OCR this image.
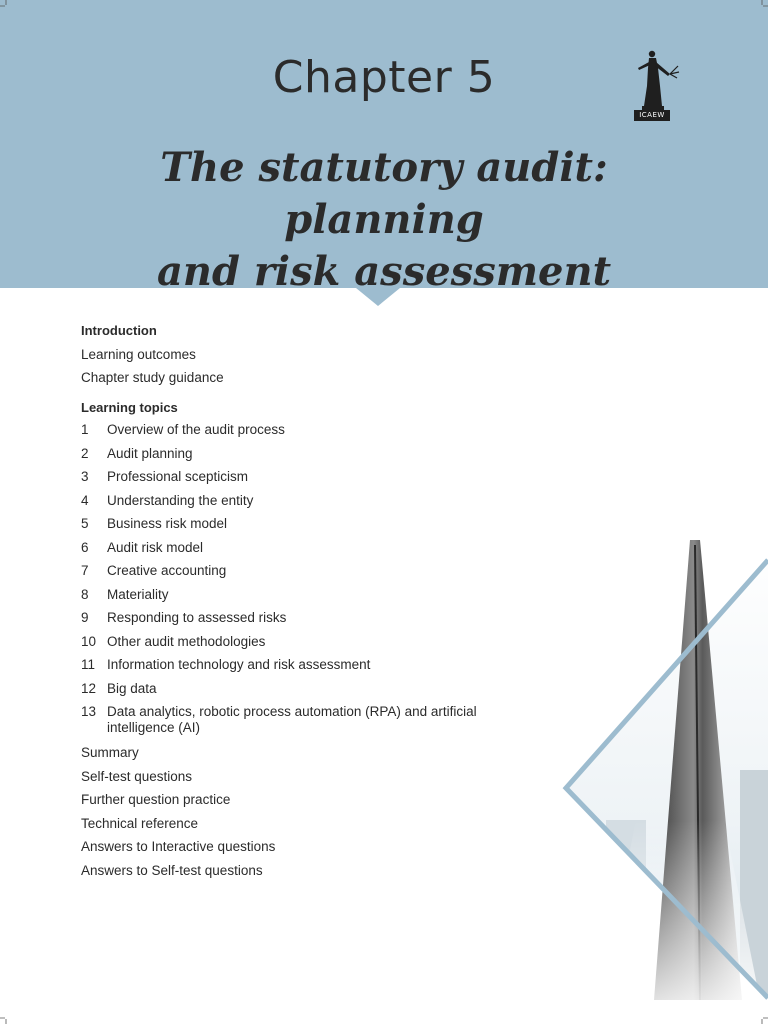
Chapter 5
The statutory audit: planning
and risk assessment
ICAEW
Introduction
Learning outcomes
Chapter study guidance
Learning topics
1	Overview of the audit process
2	Audit planning
3	Professional scepticism
4	Understanding the entity
5	Business risk model
6	Audit risk model
7	Creative accounting
8	Materiality
9	Responding to assessed risks
10 Other audit methodologies
11 Information technology and risk assessment
12 Big data
13 Data analytics, robotic process automation (RPA) and artificial intelligence (AI)
Summary
Self-test questions
Further question practice
Technical reference
Answers to Interactive questions
Answers to Self-test questions
